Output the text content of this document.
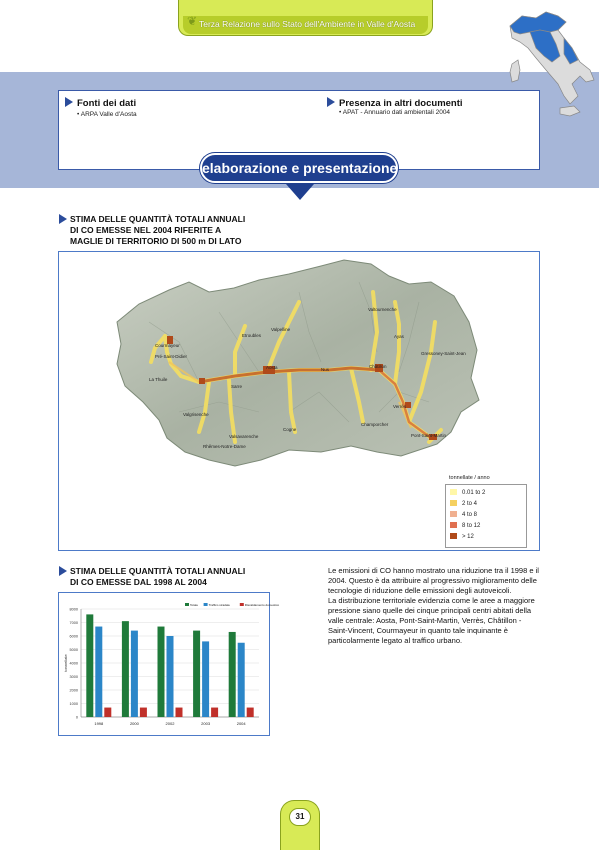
❦ Terza Relazione sullo Stato dell'Ambiente in Valle d'Aosta
Fonti dei dati
• ARPA Valle d'Aosta
Presenza in altri documenti
• APAT - Annuario dati ambientali 2004
elaborazione e presentazione
STIMA DELLE QUANTITÀ TOTALI ANNUALI
DI CO EMESSE NEL 2004 RIFERITE A
MAGLIE DI TERRITORIO DI 500 m DI LATO
Courmayeur
Pré-Saint-Didier
La Thuile
Etroubles
Valpelline
Valtournenche
Ayas
Gressoney-Saint-Jean
Aosta	Nus
Châtillon
Sarre
Valgrisenche
Rhêmes-Notre-Dame
Valsavarenche
Cogne
Champorcher
Verrès
Pont-Saint-Martin
tonnellate / anno
0.01 to 2
2 to 4
4 to 8
8 to 12
> 12
STIMA DELLE QUANTITÀ TOTALI ANNUALI
DI CO EMESSE DAL 1998 AL 2004
0
1000
2000
3000
4000
5000
6000
7000
8000
tonnellate
1998	2000	2002	2003	2004
Totale	Traffico stradale	Riscaldamento domestico

Le emissioni di CO hanno mostrato una riduzione tra il 1998 e il 2004. Questo è da attribuire al progressivo miglioramento delle tecnologie di riduzione delle emissioni degli autoveicoli.

La distribuzione territoriale evidenzia come le aree a maggiore pressione siano quelle dei cinque principali centri abitati della valle centrale: Aosta, Pont-Saint-Martin, Verrès, Châtillon - Saint-Vincent, Courmayeur in quanto tale inquinante è particolarmente legato al traffico urbano.

31
